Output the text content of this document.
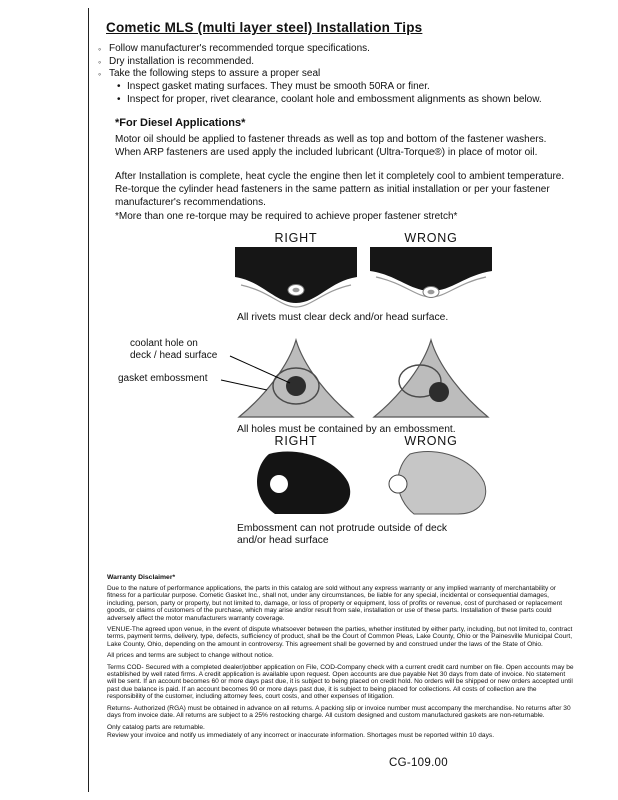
Cometic MLS (multi layer steel) Installation Tips
◦ Follow manufacturer's recommended torque specifications.
◦ Dry installation is recommended.
◦ Take the following steps to assure a proper seal
• Inspect gasket mating surfaces. They must be smooth 50RA or finer.
• Inspect for proper, rivet clearance, coolant hole and embossment alignments as shown below.
*For Diesel Applications*
Motor oil should be applied to fastener threads as well as top and bottom of the fastener washers. When ARP fasteners are used apply the included lubricant (Ultra-Torque®) in place of motor oil.
After Installation is complete, heat cycle the engine then let it completely cool to ambient temperature. Re-torque the cylinder head fasteners in the same pattern as initial installation or per your fastener manufacturer's recommendations.
*More than one re-torque may be required to achieve proper fastener stretch*
RIGHT	WRONG
All rivets must clear deck and/or head surface.
coolant hole on
deck / head surface
gasket embossment
All holes must be contained by an embossment.
RIGHT	WRONG
Embossment can not protrude outside of deck
and/or head surface
Warranty Disclaimer*

Due to the nature of performance applications, the parts in this catalog are sold without any express warranty or any implied warranty of merchantability or fitness for a particular purpose. Cometic Gasket Inc., shall not, under any circumstances, be liable for any special, incidental or consequential damages, including, person, party or property, but not limited to, damage, or loss of property or equipment, loss of profits or revenue, cost of purchased or replacement goods, or claims of customers of the purchase, which may arise and/or result from sale, installation or use of these parts. Installation of these parts could adversely affect the motor manufacturers warranty coverage.

VENUE-The agreed upon venue, in the event of dispute whatsoever between the parties, whether instituted by either party, including, but not limited to, contract terms, payment terms, delivery, type, defects, sufficiency of product, shall be the Court of Common Pleas, Lake County, Ohio or the Painesville Municipal Court, Lake County, Ohio, depending on the amount in controversy. This agreement shall be governed by and construed under the laws of the State of Ohio.

All prices and terms are subject to change without notice.

Terms COD- Secured with a completed dealer/jobber application on File, COD-Company check with a current credit card number on file. Open accounts may be established by well rated firms. A credit application is available upon request. Open accounts are due payable Net 30 days from date of invoice. No statement will be sent. If an account becomes 60 or more days past due, it is subject to being placed on credit hold. No orders will be shipped or new orders accepted until past due balance is paid. If an account becomes 90 or more days past due, it is subject to being placed for collections. All costs of collection are the responsibility of the customer, including attorney fees, court costs, and other expenses of litigation.

Returns- Authorized (RGA) must be obtained in advance on all returns. A packing slip or invoice number must accompany the merchandise. No returns after 30 days from invoice date. All returns are subject to a 25% restocking charge. All custom designed and custom manufactured gaskets are non-returnable.

Only catalog parts are returnable.

Review your invoice and notify us immediately of any incorrect or inaccurate information. Shortages must be reported within 10 days.

CG-109.00
